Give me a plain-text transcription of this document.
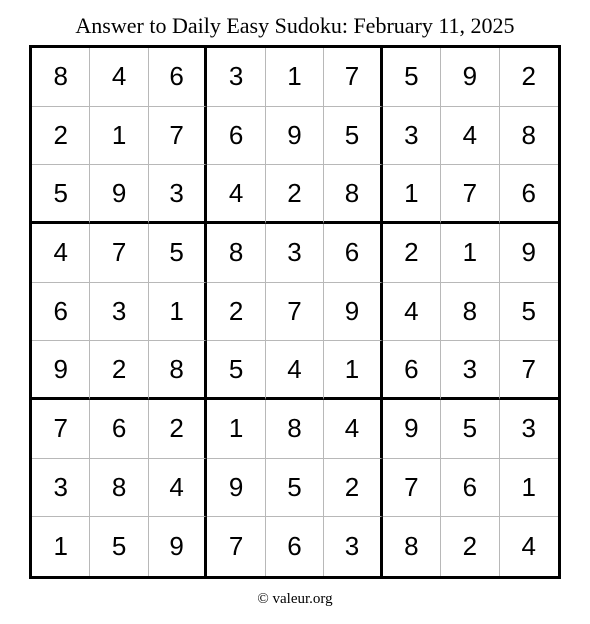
Answer to Daily Easy Sudoku: February 11, 2025
8	4	6	3	1	7	5	9	2
2	1	7	6	9	5	3	4	8
5	9	3	4	2	8	1	7	6
4	7	5	8	3	6	2	1	9
6	3	1	2	7	9	4	8	5
9	2	8	5	4	1	6	3	7
7	6	2	1	8	4	9	5	3
3	8	4	9	5	2	7	6	1
1	5	9	7	6	3	8	2	4
© valeur.org
